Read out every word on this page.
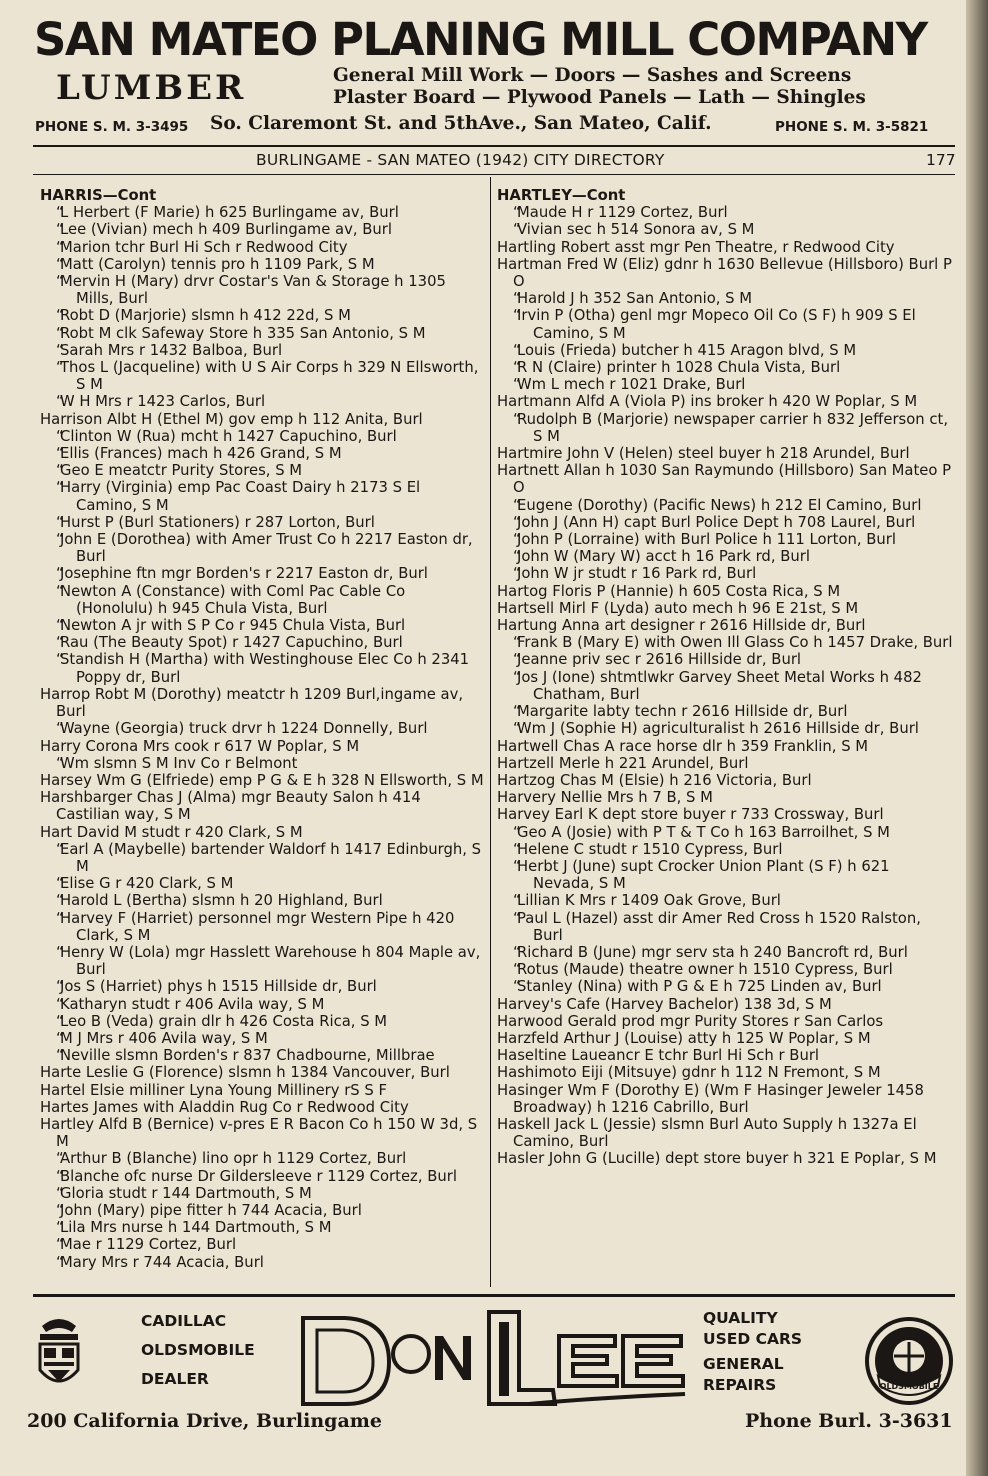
SAN MATEO PLANING MILL COMPANY
LUMBER	General Mill Work — Doors — Sashes and Screens
Plaster Board — Plywood Panels — Lath — Shingles
PHONE S. M. 3-3495 So. Claremont St. and 5thAve., San Mateo, Calif.	PHONE S. M. 3-5821
BURLINGAME - SAN MATEO (1942) CITY DIRECTORY	177
HARRIS—Cont
“ L Herbert (F Marie) h 625 Burlingame av, Burl
“ Lee (Vivian) mech h 409 Burlingame av, Burl
“ Marion tchr Burl Hi Sch r Redwood City
“ Matt (Carolyn) tennis pro h 1109 Park, S M
“ Mervin H (Mary) drvr Costar's Van & Storage h 1305 Mills, Burl
“ Robt D (Marjorie) slsmn h 412 22d, S M
“ Robt M clk Safeway Store h 335 San Antonio, S M
“ Sarah Mrs r 1432 Balboa, Burl
“ Thos L (Jacqueline) with U S Air Corps h 329 N Ellsworth, S M
“ W H Mrs r 1423 Carlos, Burl
Harrison Albt H (Ethel M) gov emp h 112 Anita, Burl
“ Clinton W (Rua) mcht h 1427 Capuchino, Burl
“ Ellis (Frances) mach h 426 Grand, S M
“ Geo E meatctr Purity Stores, S M
“ Harry (Virginia) emp Pac Coast Dairy h 2173 S El Camino, S M
“ Hurst P (Burl Stationers) r 287 Lorton, Burl
“ John E (Dorothea) with Amer Trust Co h 2217 Easton dr, Burl
“ Josephine ftn mgr Borden's r 2217 Easton dr, Burl
“ Newton A (Constance) with Coml Pac Cable Co (Honolulu) h 945 Chula Vista, Burl
“ Newton A jr with S P Co r 945 Chula Vista, Burl
“ Rau (The Beauty Spot) r 1427 Capuchino, Burl
“ Standish H (Martha) with Westinghouse Elec Co h 2341 Poppy dr, Burl
Harrop Robt M (Dorothy) meatctr h 1209 Burl,ingame av, Burl
“ Wayne (Georgia) truck drvr h 1224 Donnelly, Burl
Harry Corona Mrs cook r 617 W Poplar, S M
“ Wm slsmn S M Inv Co r Belmont
Harsey Wm G (Elfriede) emp P G & E h 328 N Ellsworth, S M
Harshbarger Chas J (Alma) mgr Beauty Salon h 414 Castilian way, S M
Hart David M studt r 420 Clark, S M
“ Earl A (Maybelle) bartender Waldorf h 1417 Edinburgh, S M
“ Elise G r 420 Clark, S M
“ Harold L (Bertha) slsmn h 20 Highland, Burl
“ Harvey F (Harriet) personnel mgr Western Pipe h 420 Clark, S M
“ Henry W (Lola) mgr Hasslett Warehouse h 804 Maple av, Burl
“ Jos S (Harriet) phys h 1515 Hillside dr, Burl
“ Katharyn studt r 406 Avila way, S M
“ Leo B (Veda) grain dlr h 426 Costa Rica, S M
“ M J Mrs r 406 Avila way, S M
“ Neville slsmn Borden's r 837 Chadbourne, Millbrae
Harte Leslie G (Florence) slsmn h 1384 Vancouver, Burl
Hartel Elsie milliner Lyna Young Millinery rS S F
Hartes James with Aladdin Rug Co r Redwood City
Hartley Alfd B (Bernice) v-pres E R Bacon Co h 150 W 3d, S M
“ Arthur B (Blanche) lino opr h 1129 Cortez, Burl
“ Blanche ofc nurse Dr Gildersleeve r 1129 Cortez, Burl
“ Gloria studt r 144 Dartmouth, S M
“ John (Mary) pipe fitter h 744 Acacia, Burl
“ Lila Mrs nurse h 144 Dartmouth, S M
“ Mae r 1129 Cortez, Burl
“ Mary Mrs r 744 Acacia, Burl
HARTLEY—Cont
“ Maude H r 1129 Cortez, Burl
“ Vivian sec h 514 Sonora av, S M
Hartling Robert asst mgr Pen Theatre, r Redwood City
Hartman Fred W (Eliz) gdnr h 1630 Bellevue (Hillsboro) Burl P O
“ Harold J h 352 San Antonio, S M
“ Irvin P (Otha) genl mgr Mopeco Oil Co (S F) h 909 S El Camino, S M
“ Louis (Frieda) butcher h 415 Aragon blvd, S M
“ R N (Claire) printer h 1028 Chula Vista, Burl
“ Wm L mech r 1021 Drake, Burl
Hartmann Alfd A (Viola P) ins broker h 420 W Poplar, S M
“ Rudolph B (Marjorie) newspaper carrier h 832 Jefferson ct, S M
Hartmire John V (Helen) steel buyer h 218 Arundel, Burl
Hartnett Allan h 1030 San Raymundo (Hillsboro) San Mateo P O
“ Eugene (Dorothy) (Pacific News) h 212 El Camino, Burl
“ John J (Ann H) capt Burl Police Dept h 708 Laurel, Burl
“ John P (Lorraine) with Burl Police h 111 Lorton, Burl
“ John W (Mary W) acct h 16 Park rd, Burl
“ John W jr studt r 16 Park rd, Burl
Hartog Floris P (Hannie) h 605 Costa Rica, S M
Hartsell Mirl F (Lyda) auto mech h 96 E 21st, S M
Hartung Anna art designer r 2616 Hillside dr, Burl
“ Frank B (Mary E) with Owen Ill Glass Co h 1457 Drake, Burl
“ Jeanne priv sec r 2616 Hillside dr, Burl
“ Jos J (Ione) shtmtlwkr Garvey Sheet Metal Works h 482 Chatham, Burl
“ Margarite labty techn r 2616 Hillside dr, Burl
“ Wm J (Sophie H) agriculturalist h 2616 Hillside dr, Burl
Hartwell Chas A race horse dlr h 359 Franklin, S M
Hartzell Merle h 221 Arundel, Burl
Hartzog Chas M (Elsie) h 216 Victoria, Burl
Harvery Nellie Mrs h 7 B, S M
Harvey Earl K dept store buyer r 733 Crossway, Burl
“ Geo A (Josie) with P T & T Co h 163 Barroilhet, S M
“ Helene C studt r 1510 Cypress, Burl
“ Herbt J (June) supt Crocker Union Plant (S F) h 621 Nevada, S M
“ Lillian K Mrs r 1409 Oak Grove, Burl
“ Paul L (Hazel) asst dir Amer Red Cross h 1520 Ralston, Burl
“ Richard B (June) mgr serv sta h 240 Bancroft rd, Burl
“ Rotus (Maude) theatre owner h 1510 Cypress, Burl
“ Stanley (Nina) with P G & E h 725 Linden av, Burl
Harvey's Cafe (Harvey Bachelor) 138 3d, S M
Harwood Gerald prod mgr Purity Stores r San Carlos
Harzfeld Arthur J (Louise) atty h 125 W Poplar, S M
Haseltine Laueancr E tchr Burl Hi Sch r Burl
Hashimoto Eiji (Mitsuye) gdnr h 112 N Fremont, S M
Hasinger Wm F (Dorothy E) (Wm F Hasinger Jeweler 1458 Broadway) h 1216 Cabrillo, Burl
Haskell Jack L (Jessie) slsmn Burl Auto Supply h 1327a El Camino, Burl
Hasler John G (Lucille) dept store buyer h 321 E Poplar, S M
CADILLAC
OLDSMOBILE
DEALER
QUALITY
USED CARS
GENERAL
REPAIRS	OLDSMOBILE
200 California Drive, Burlingame	Phone Burl. 3-3631
